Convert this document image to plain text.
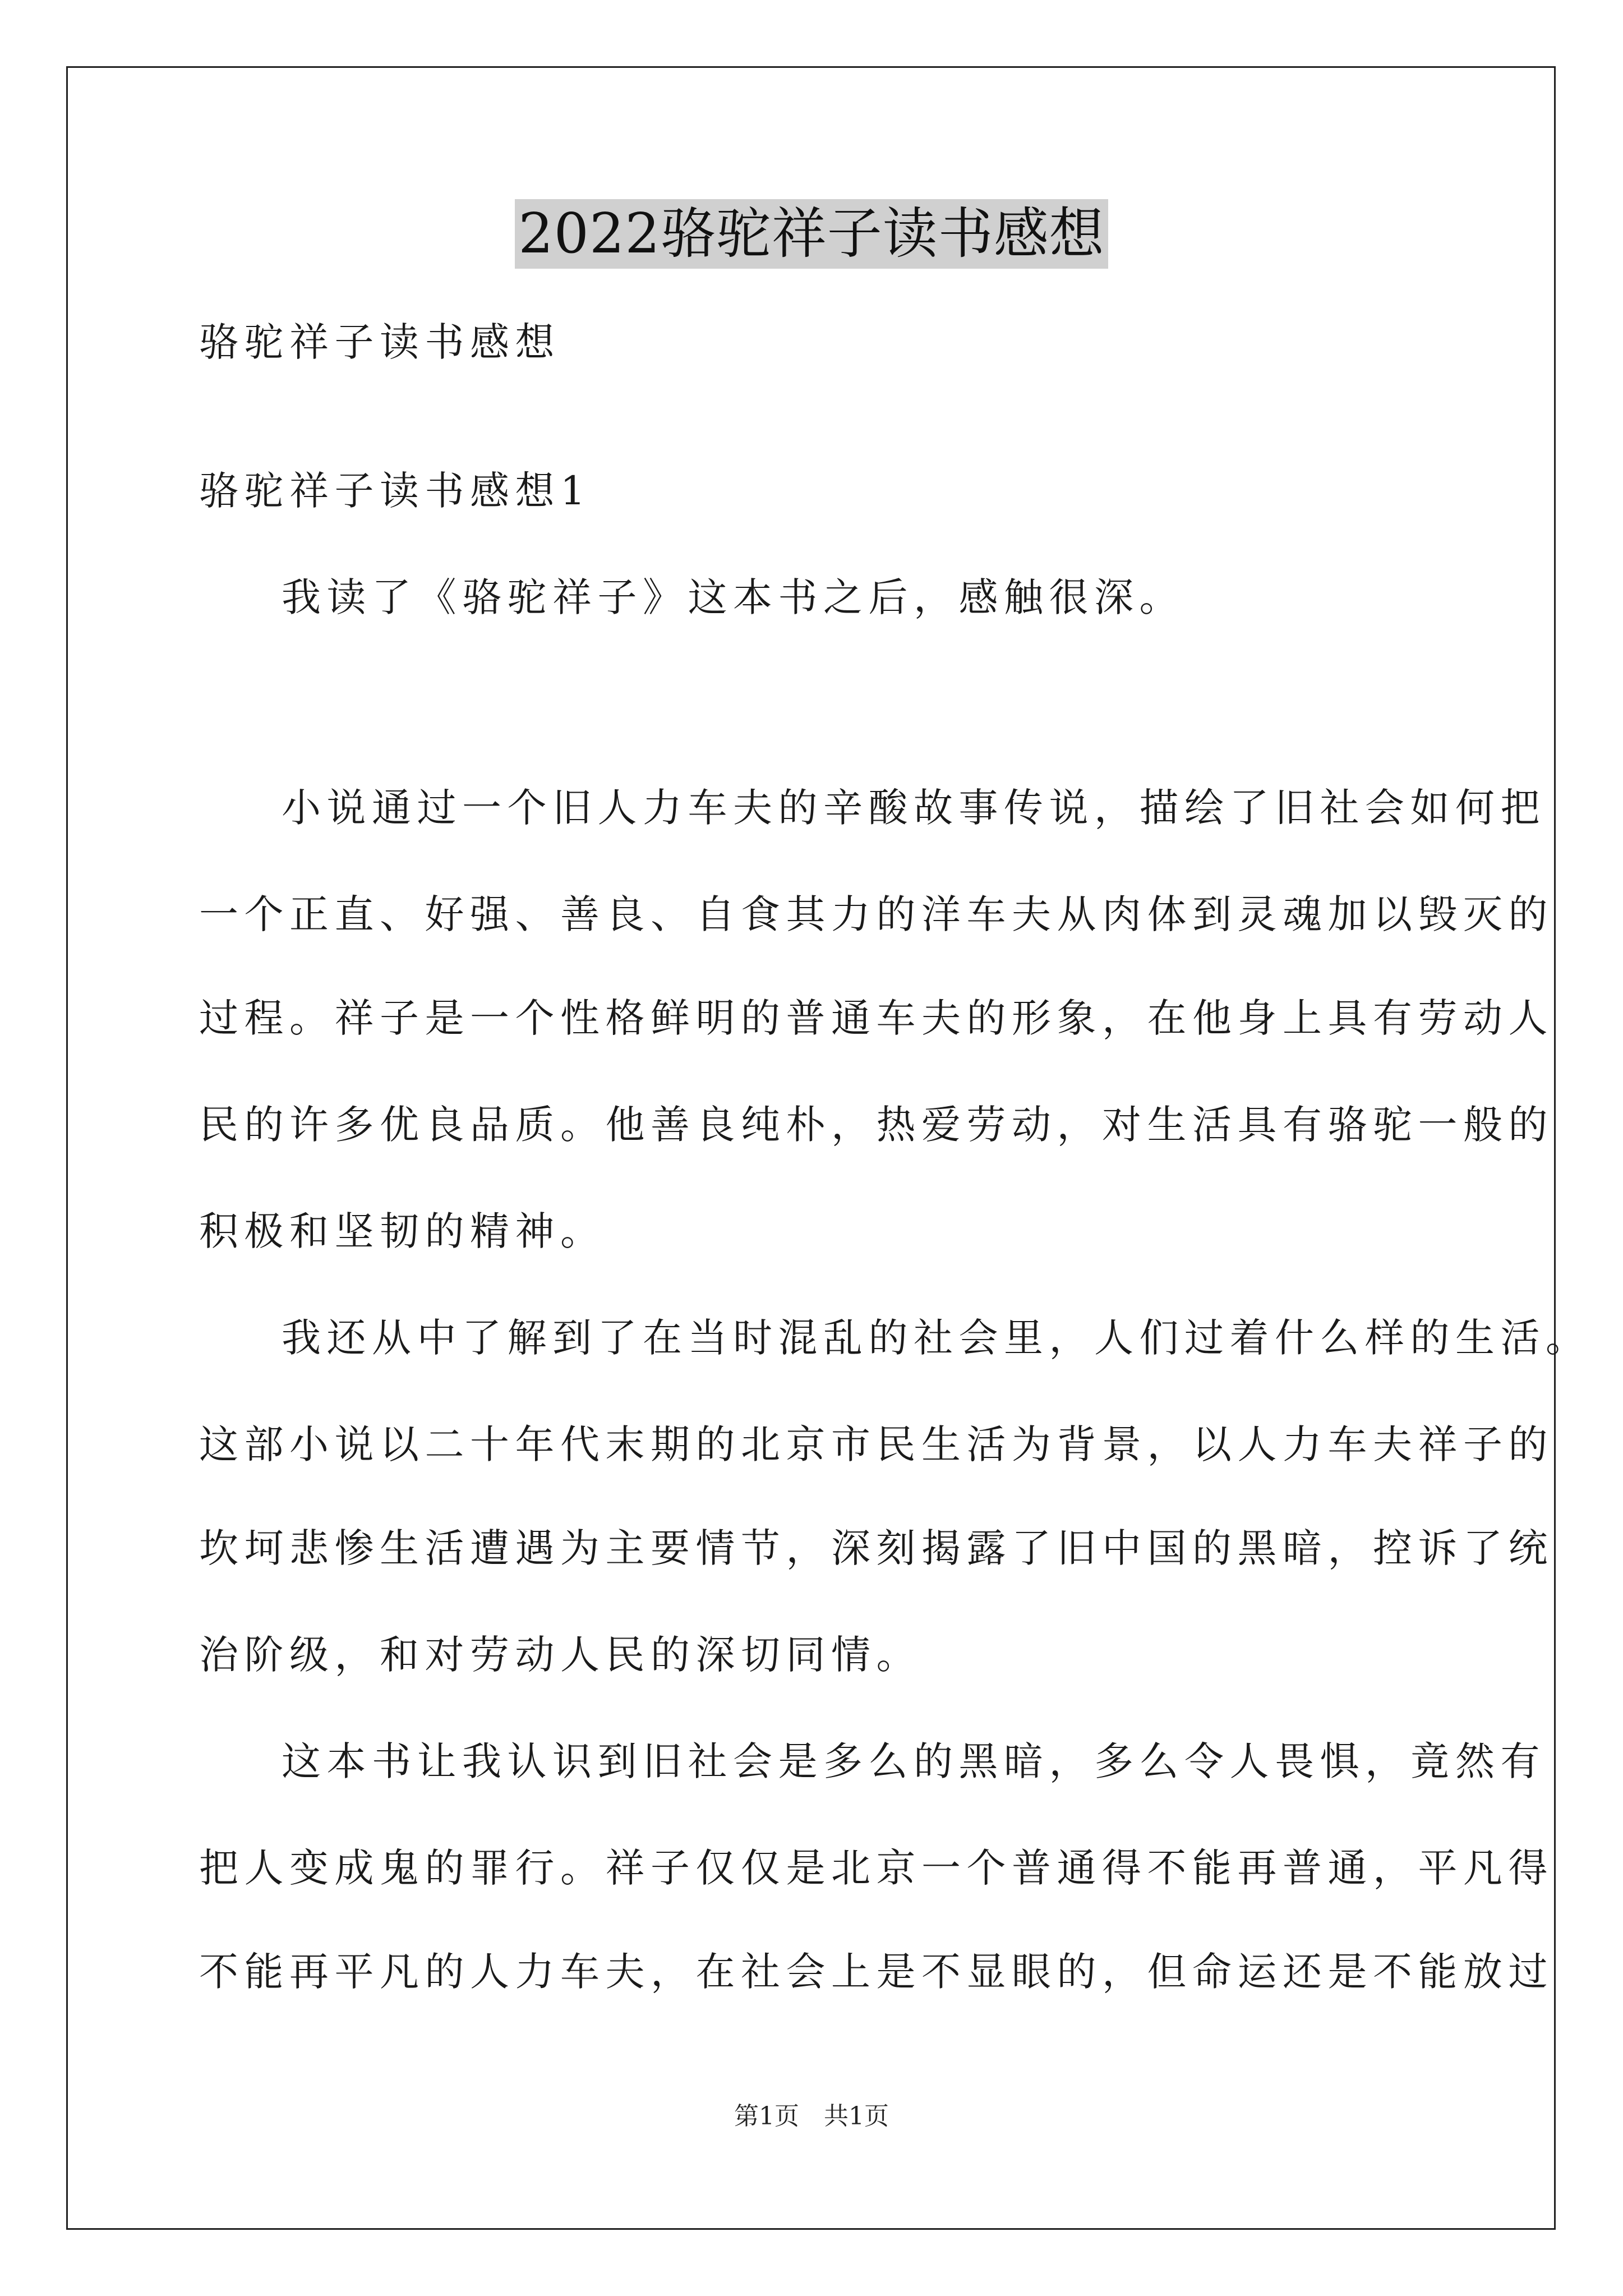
2022骆驼祥子读书感想
骆驼祥子读书感想
骆驼祥子读书感想1
我读了《骆驼祥子》这本书之后，感触很深。
小说通过一个旧人力车夫的辛酸故事传说，描绘了旧社会如何把
一个正直、好强、善良、自食其力的洋车夫从肉体到灵魂加以毁灭的
过程。祥子是一个性格鲜明的普通车夫的形象，在他身上具有劳动人
民的许多优良品质。他善良纯朴，热爱劳动，对生活具有骆驼一般的
积极和坚韧的精神。
我还从中了解到了在当时混乱的社会里，人们过着什么样的生活。
这部小说以二十年代末期的北京市民生活为背景，以人力车夫祥子的
坎坷悲惨生活遭遇为主要情节，深刻揭露了旧中国的黑暗，控诉了统
治阶级，和对劳动人民的深切同情。
这本书让我认识到旧社会是多么的黑暗，多么令人畏惧，竟然有
把人变成鬼的罪行。祥子仅仅是北京一个普通得不能再普通，平凡得
不能再平凡的人力车夫，在社会上是不显眼的，但命运还是不能放过
第1页　共1页
